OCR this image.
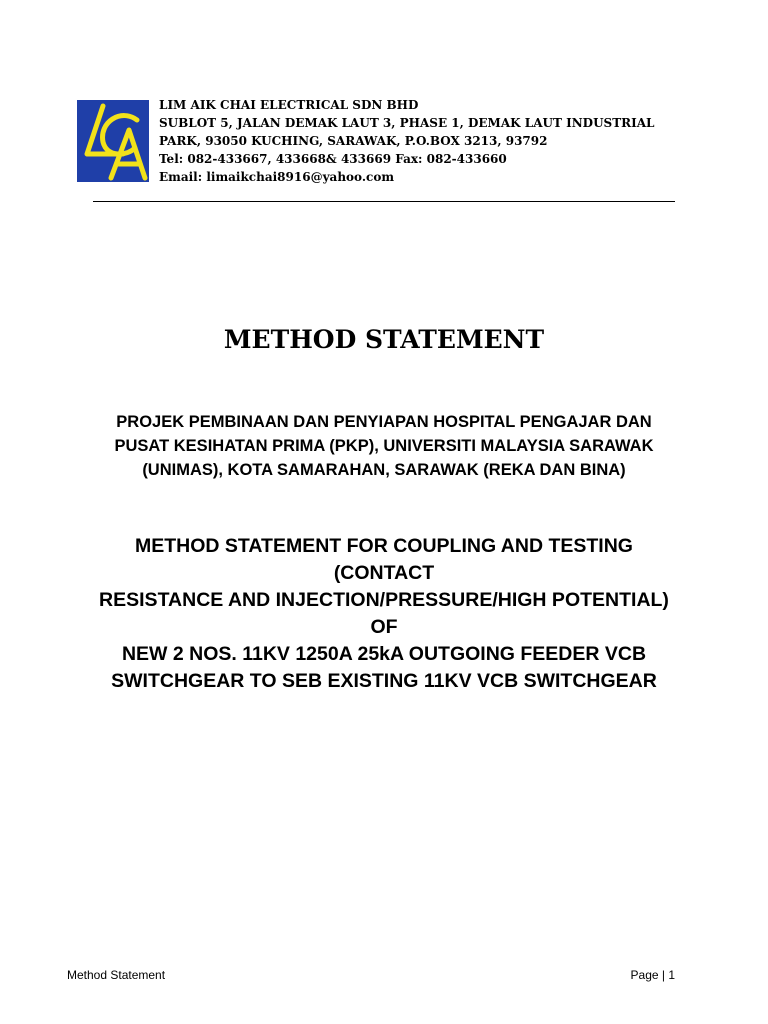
LIM AIK CHAI ELECTRICAL SDN BHD
SUBLOT 5, JALAN DEMAK LAUT 3, PHASE 1, DEMAK LAUT INDUSTRIAL
PARK, 93050 KUCHING, SARAWAK, P.O.BOX 3213, 93792
Tel: 082-433667, 433668& 433669 Fax: 082-433660
Email: limaikchai8916@yahoo.com
METHOD STATEMENT
PROJEK PEMBINAAN DAN PENYIAPAN HOSPITAL PENGAJAR DAN
PUSAT KESIHATAN PRIMA (PKP), UNIVERSITI MALAYSIA SARAWAK
(UNIMAS), KOTA SAMARAHAN, SARAWAK (REKA DAN BINA)
METHOD STATEMENT FOR COUPLING AND TESTING (CONTACT
RESISTANCE AND INJECTION/PRESSURE/HIGH POTENTIAL) OF
NEW 2 NOS. 11KV 1250A 25kA OUTGOING FEEDER VCB
SWITCHGEAR TO SEB EXISTING 11KV VCB SWITCHGEAR
Method Statement	Page | 1
